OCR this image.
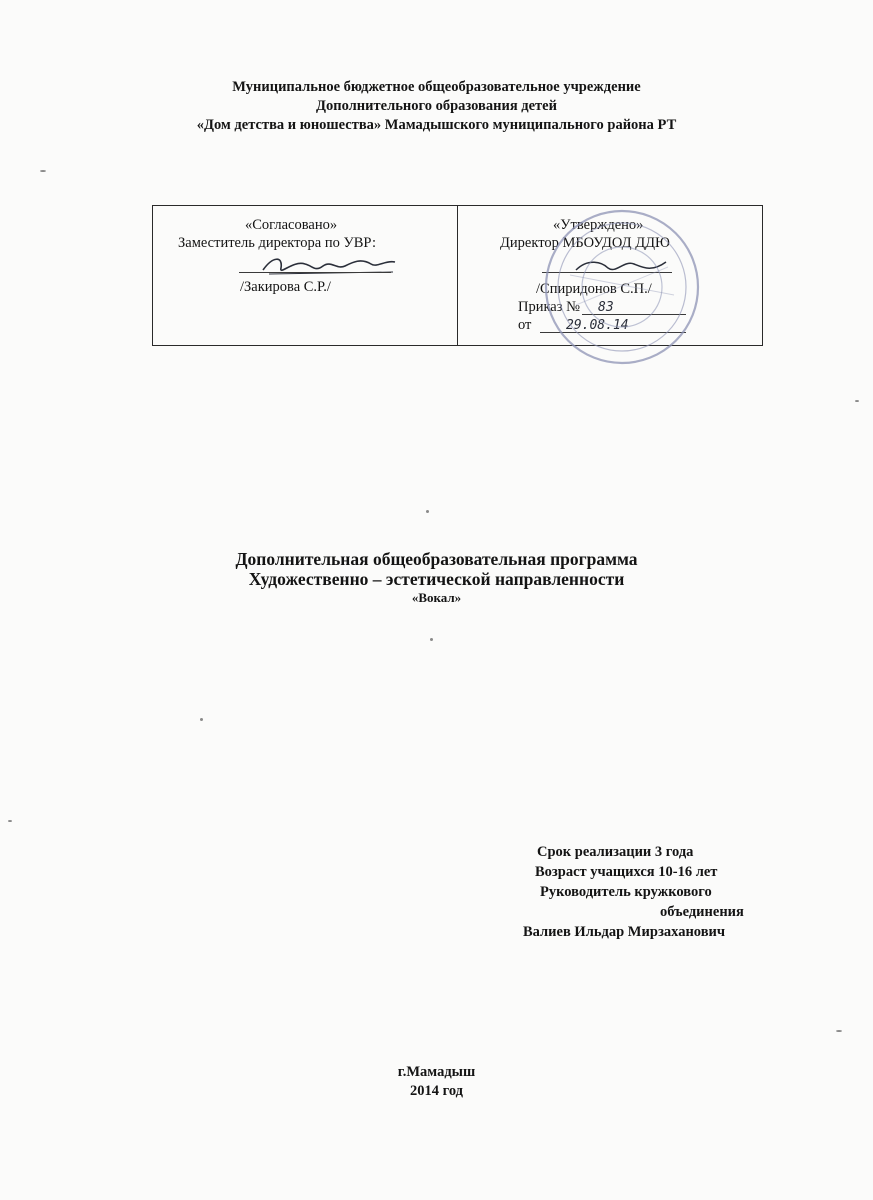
Муниципальное бюджетное общеобразовательное учреждение
Дополнительного образования детей
«Дом детства и юношества» Мамадышского муниципального района РТ
«Согласовано»
Заместитель директора по УВР:
/Закирова С.Р./
«Утверждено»
Директор МБОУДОД ДДЮ
/Спиридонов С.П./
Приказ № 83
от	29.08.14
Дополнительная общеобразовательная программа
Художественно – эстетической направленности
«Вокал»
Срок реализации 3 года
Возраст учащихся 10-16 лет
Руководитель кружкового
объединения
Валиев Ильдар Мирзаханович
г.Мамадыш
2014 год
